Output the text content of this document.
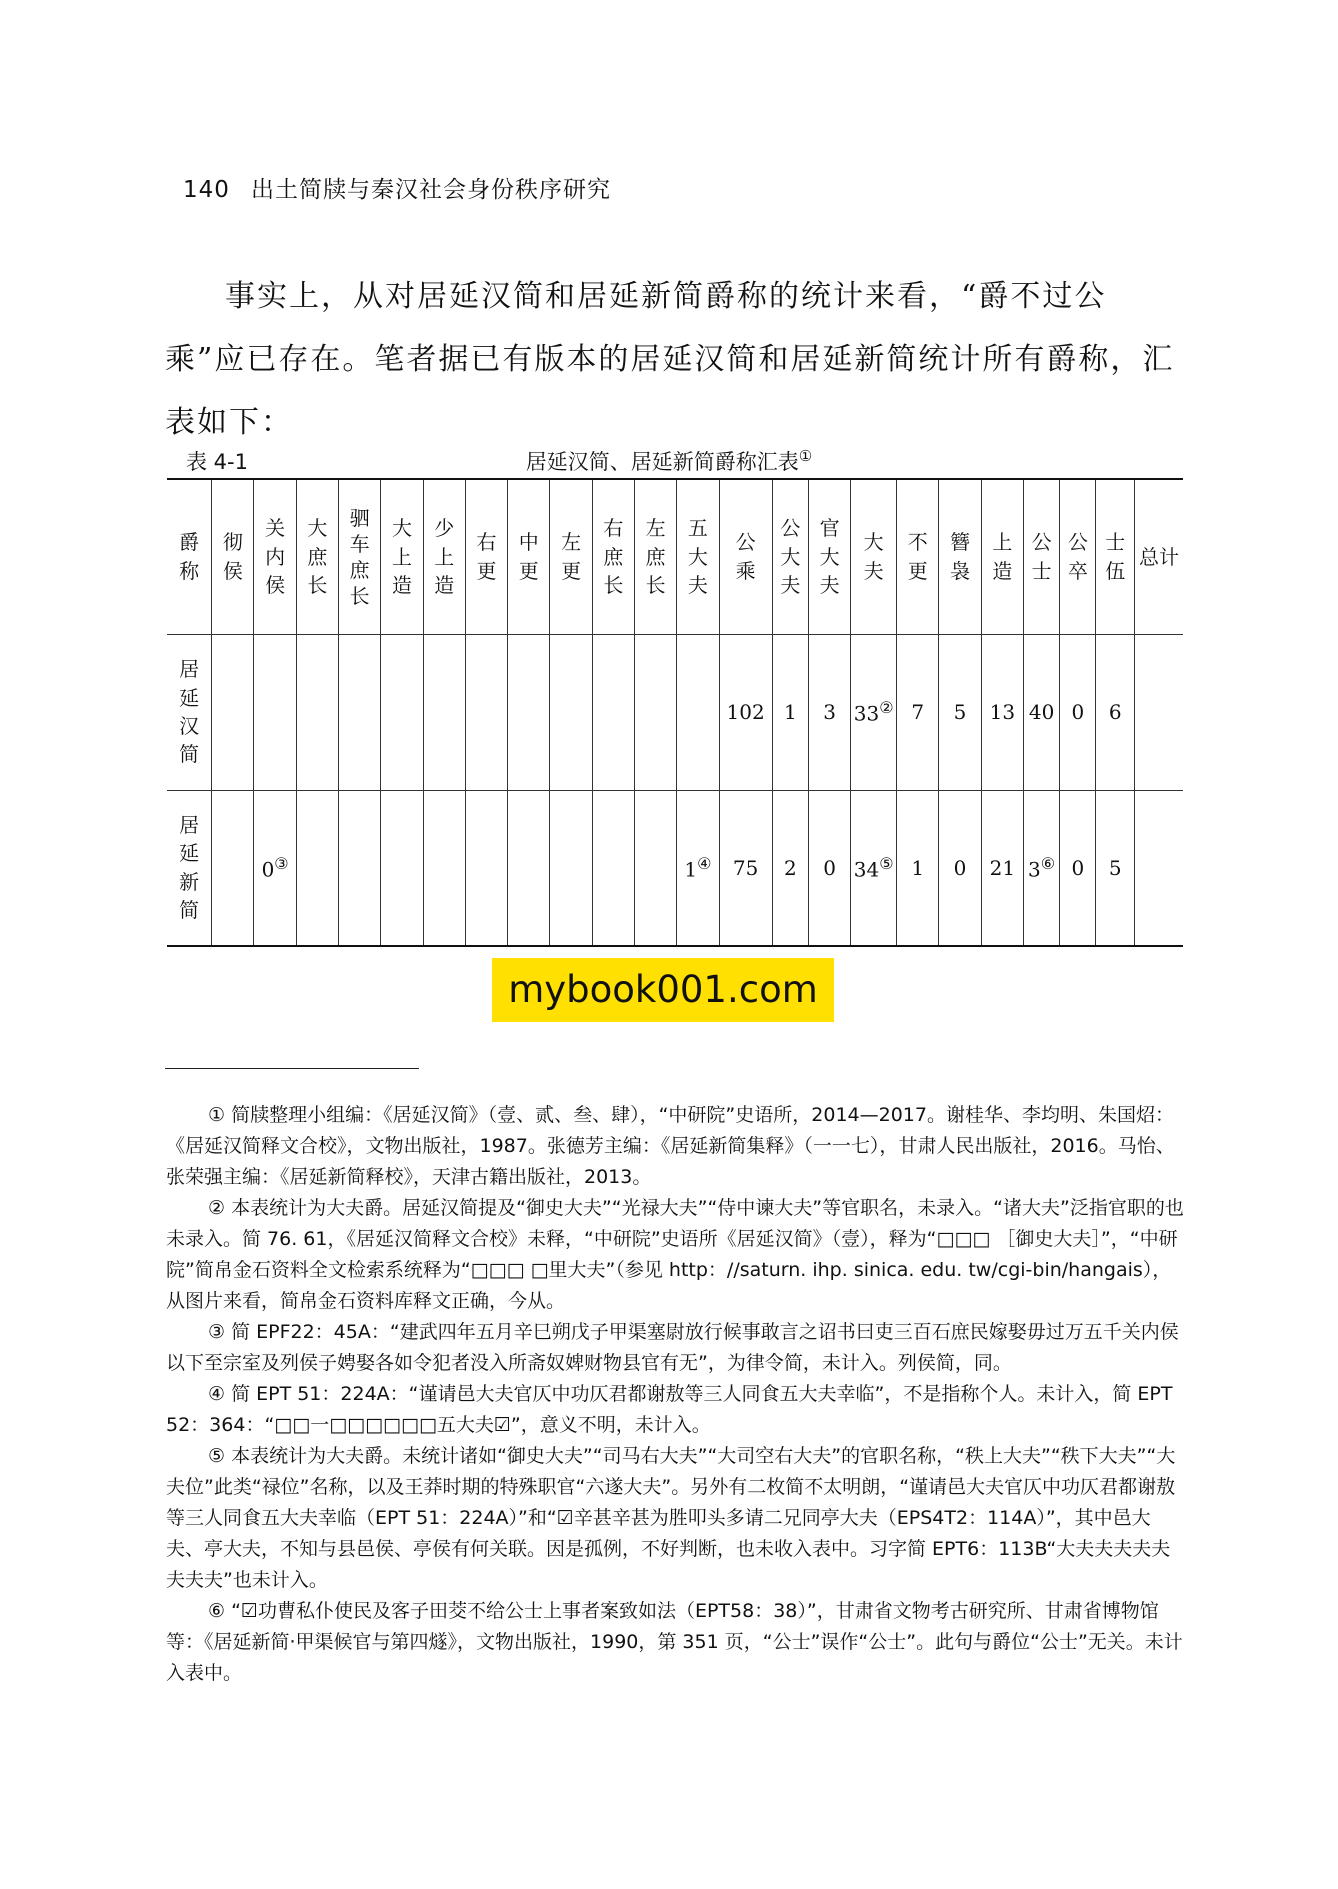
140 出土简牍与秦汉社会身份秩序研究

事实上，从对居延汉简和居延新简爵称的统计来看，“爵不过公乘”应已存在。笔者据已有版本的居延汉简和居延新简统计所有爵称，汇表如下：

表 4-1	居延汉简、居延新简爵称汇表①
爵称	彻侯	关内侯	大庶长	驷车庶长	大上造	少上造	右更	中更	左更	右庶长	左庶长	五大夫	公乘	公大夫	官大夫	大夫	不更	簪袅	上造	公士	公卒	士伍	总计
居延汉简													102	1	3	33②	7	5	13	40	0	6	
居延新简		0③										1④	75	2	0	34⑤	1	0	21	3⑥	0	5	
mybook001.com

① 简牍整理小组编：《居延汉简》（壹、贰、叁、肆），“中研院”史语所，2014—2017。谢桂华、李均明、朱国炤：《居延汉简释文合校》，文物出版社，1987。张德芳主编：《居延新简集释》（一一七），甘肃人民出版社，2016。马怡、张荣强主编：《居延新简释校》，天津古籍出版社，2013。

② 本表统计为大夫爵。居延汉简提及“御史大夫”“光禄大夫”“侍中谏大夫”等官职名，未录入。“诸大夫”泛指官职的也未录入。简 76. 61，《居延汉简释文合校》未释，“中研院”史语所《居延汉简》（壹），释为“□□□ ［御史大夫］”，“中研院”简帛金石资料全文检索系统释为“□□□ □里大夫”（参见 http：//saturn. ihp. sinica. edu. tw/cgi-bin/hangais），从图片来看，简帛金石资料库释文正确，今从。

③ 简 EPF22：45A：“建武四年五月辛巳朔戊子甲渠塞尉放行候事敢言之诏书曰吏三百石庶民嫁娶毋过万五千关内侯以下至宗室及列侯子娉娶各如令犯者没入所斋奴婢财物县官有无”，为律令简，未计入。列侯简，同。

④ 简 EPT 51：224A：“谨请邑大夫官仄中功仄君都谢敖等三人同食五大夫幸临”，不是指称个人。未计入，简 EPT 52：364：“□□一□□□□□□五大夫☑”，意义不明，未计入。

⑤ 本表统计为大夫爵。未统计诸如“御史大夫”“司马右大夫”“大司空右大夫”的官职名称，“秩上大夫”“秩下大夫”“大夫位”此类“禄位”名称，以及王莽时期的特殊职官“六遂大夫”。另外有二枚简不太明朗，“谨请邑大夫官仄中功仄君都谢敖等三人同食五大夫幸临（EPT 51：224A）”和“☑辛甚辛甚为胜叩头多请二兄同亭大夫（EPS4T2：114A）”，其中邑大夫、亭大夫，不知与县邑侯、亭侯有何关联。因是孤例，不好判断，也未收入表中。习字简 EPT6：113B“大夫夫夫夫夫夫夫夫”也未计入。

⑥ “☑功曹私仆使民及客子田茭不给公士上事者案致如法（EPT58：38）”，甘肃省文物考古研究所、甘肃省博物馆等：《居延新简·甲渠候官与第四燧》，文物出版社，1990，第 351 页，“公士”误作“公士”。此句与爵位“公士”无关。未计入表中。
